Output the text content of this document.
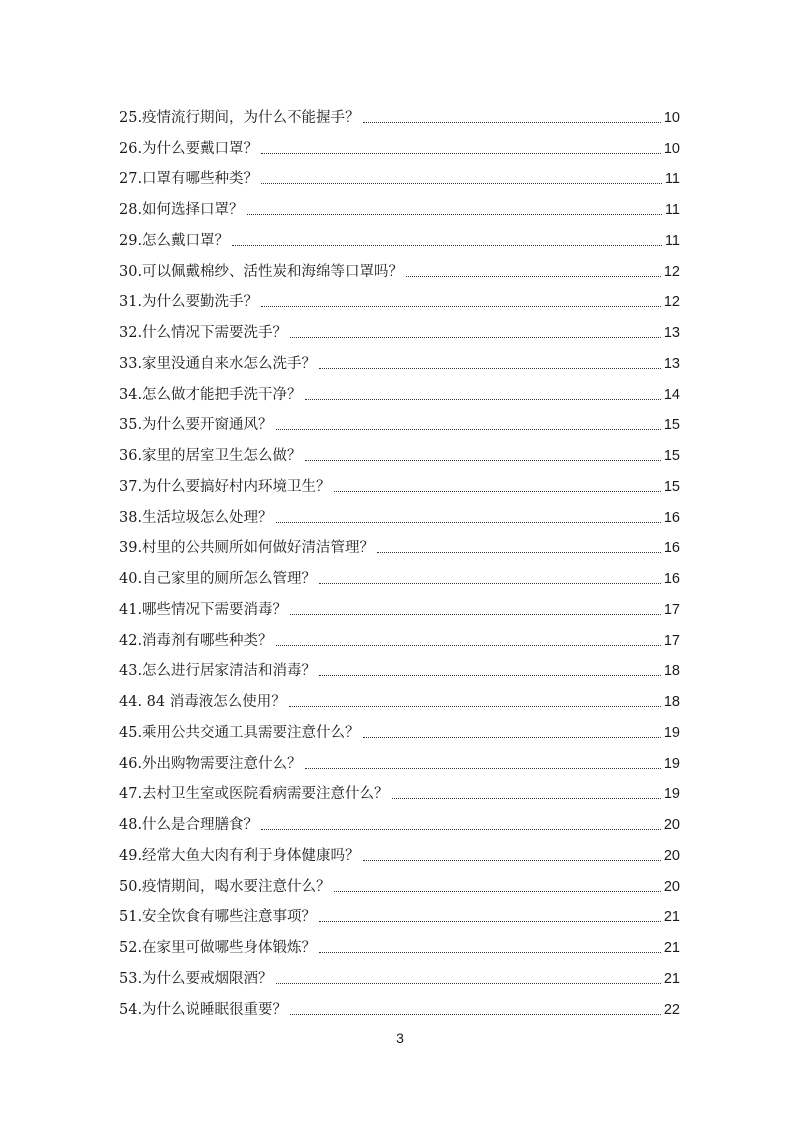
25.疫情流行期间，为什么不能握手？	10
26.为什么要戴口罩？	10
27.口罩有哪些种类？	11
28.如何选择口罩？	11
29.怎么戴口罩？	11
30.可以佩戴棉纱、活性炭和海绵等口罩吗？	12
31.为什么要勤洗手？	12
32.什么情况下需要洗手？	13
33.家里没通自来水怎么洗手？	13
34.怎么做才能把手洗干净？	14
35.为什么要开窗通风？	15
36.家里的居室卫生怎么做？	15
37.为什么要搞好村内环境卫生？	15
38.生活垃圾怎么处理？	16
39.村里的公共厕所如何做好清洁管理？	16
40.自己家里的厕所怎么管理？	16
41.哪些情况下需要消毒？	17
42.消毒剂有哪些种类？	17
43.怎么进行居家清洁和消毒？	18
44. 84 消毒液怎么使用？	18
45.乘用公共交通工具需要注意什么？	19
46.外出购物需要注意什么？	19
47.去村卫生室或医院看病需要注意什么？	19
48.什么是合理膳食？	20
49.经常大鱼大肉有利于身体健康吗？	20
50.疫情期间，喝水要注意什么？	20
51.安全饮食有哪些注意事项？	21
52.在家里可做哪些身体锻炼？	21
53.为什么要戒烟限酒？	21
54.为什么说睡眠很重要？	22
3
